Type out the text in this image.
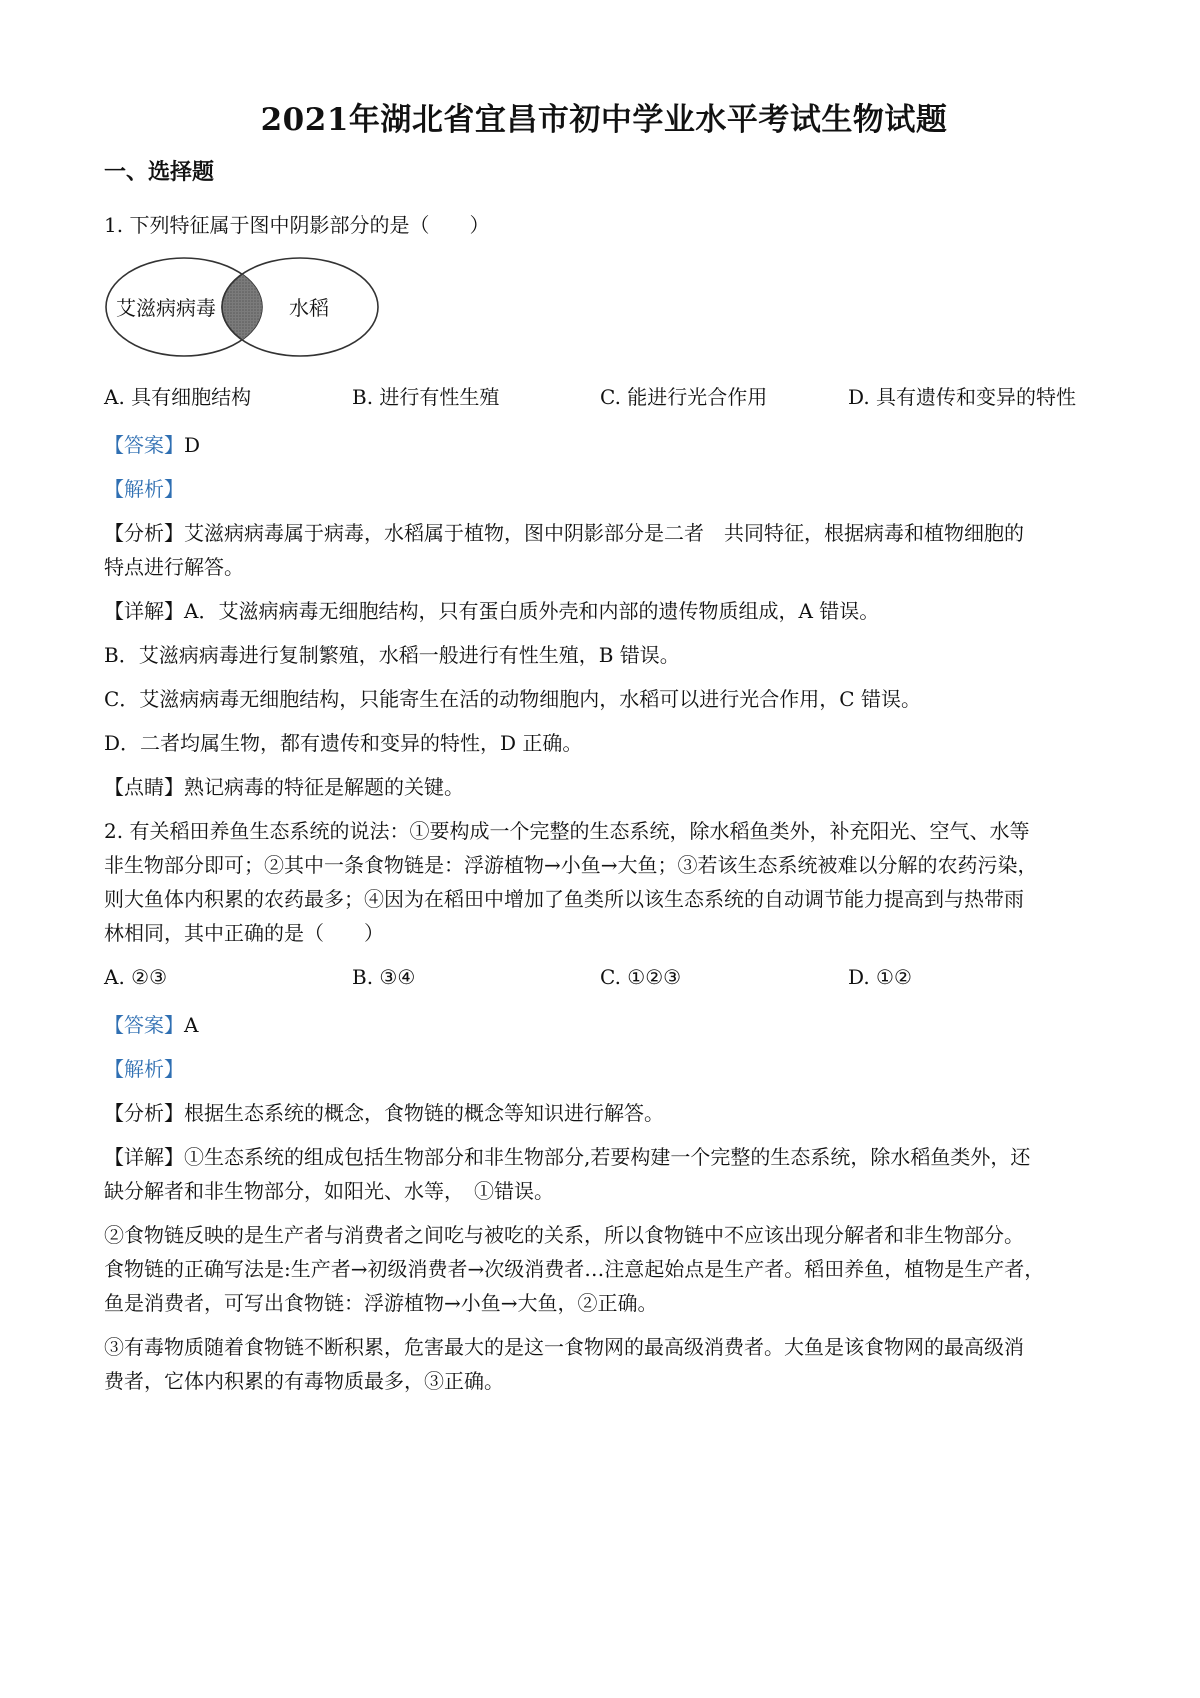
2021年湖北省宜昌市初中学业水平考试生物试题
一、选择题
1. 下列特征属于图中阴影部分的是（　　）
艾滋病病毒	水稻
A. 具有细胞结构	B. 进行有性生殖	C. 能进行光合作用	D. 具有遗传和变异的特性
【答案】D
【解析】
【分析】艾滋病病毒属于病毒，水稻属于植物，图中阴影部分是二者　共同特征，根据病毒和植物细胞的
特点进行解答。
【详解】A．艾滋病病毒无细胞结构，只有蛋白质外壳和内部的遗传物质组成，A 错误。
B．艾滋病病毒进行复制繁殖，水稻一般进行有性生殖，B 错误。
C．艾滋病病毒无细胞结构，只能寄生在活的动物细胞内，水稻可以进行光合作用，C 错误。
D．二者均属生物，都有遗传和变异的特性，D 正确。
【点睛】熟记病毒的特征是解题的关键。
2. 有关稻田养鱼生态系统的说法：①要构成一个完整的生态系统，除水稻鱼类外，补充阳光、空气、水等
非生物部分即可；②其中一条食物链是：浮游植物→小鱼→大鱼；③若该生态系统被难以分解的农药污染，
则大鱼体内积累的农药最多；④因为在稻田中增加了鱼类所以该生态系统的自动调节能力提高到与热带雨
林相同，其中正确的是（　　）
A. ②③	B. ③④	C. ①②③	D. ①②
【答案】A
【解析】
【分析】根据生态系统的概念，食物链的概念等知识进行解答。
【详解】①生态系统的组成包括生物部分和非生物部分,若要构建一个完整的生态系统，除水稻鱼类外，还
缺分解者和非生物部分，如阳光、水等，　①错误。
②食物链反映的是生产者与消费者之间吃与被吃的关系，所以食物链中不应该出现分解者和非生物部分。
食物链的正确写法是:生产者→初级消费者→次级消费者…注意起始点是生产者。稻田养鱼，植物是生产者，
鱼是消费者，可写出食物链：浮游植物→小鱼→大鱼，②正确。
③有毒物质随着食物链不断积累，危害最大的是这一食物网的最高级消费者。大鱼是该食物网的最高级消
费者，它体内积累的有毒物质最多，③正确。
